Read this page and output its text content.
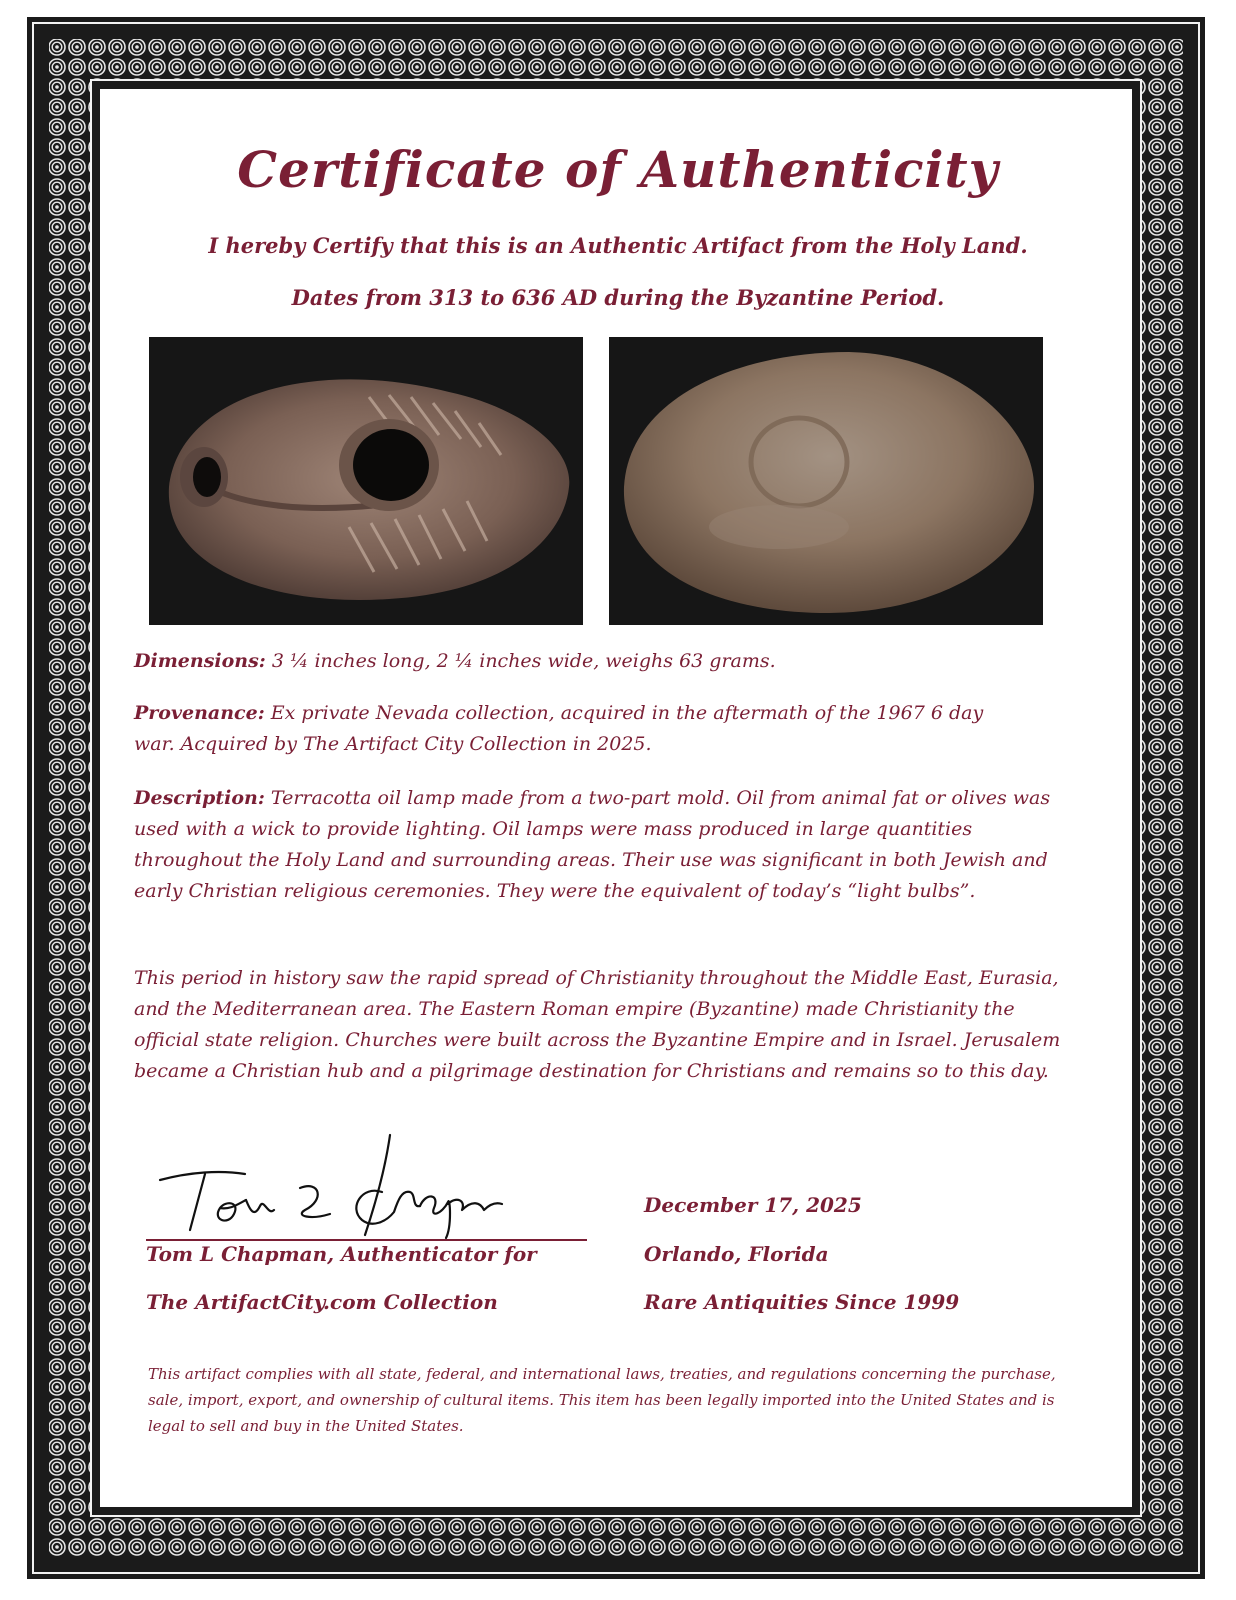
Certificate of Authenticity
I hereby Certify that this is an Authentic Artifact from the Holy Land.
Dates from 313 to 636 AD during the Byzantine Period.
Dimensions: 3 ¼ inches long, 2 ¼ inches wide, weighs 63 grams.
Provenance: Ex private Nevada collection, acquired in the aftermath of the 1967 6 day war. Acquired by The Artifact City Collection in 2025.
Description: Terracotta oil lamp made from a two-part mold. Oil from animal fat or olives was used with a wick to provide lighting. Oil lamps were mass produced in large quantities throughout the Holy Land and surrounding areas. Their use was significant in both Jewish and early Christian religious ceremonies. They were the equivalent of today’s “light bulbs”.
This period in history saw the rapid spread of Christianity throughout the Middle East, Eurasia, and the Mediterranean area. The Eastern Roman empire (Byzantine) made Christianity the official state religion. Churches were built across the Byzantine Empire and in Israel. Jerusalem became a Christian hub and a pilgrimage destination for Christians and remains so to this day.
Tom L Chapman, Authenticator for
The ArtifactCity.com Collection
December 17, 2025
Orlando, Florida
Rare Antiquities Since 1999
This artifact complies with all state, federal, and international laws, treaties, and regulations concerning the purchase, sale, import, export, and ownership of cultural items. This item has been legally imported into the United States and is legal to sell and buy in the United States.
